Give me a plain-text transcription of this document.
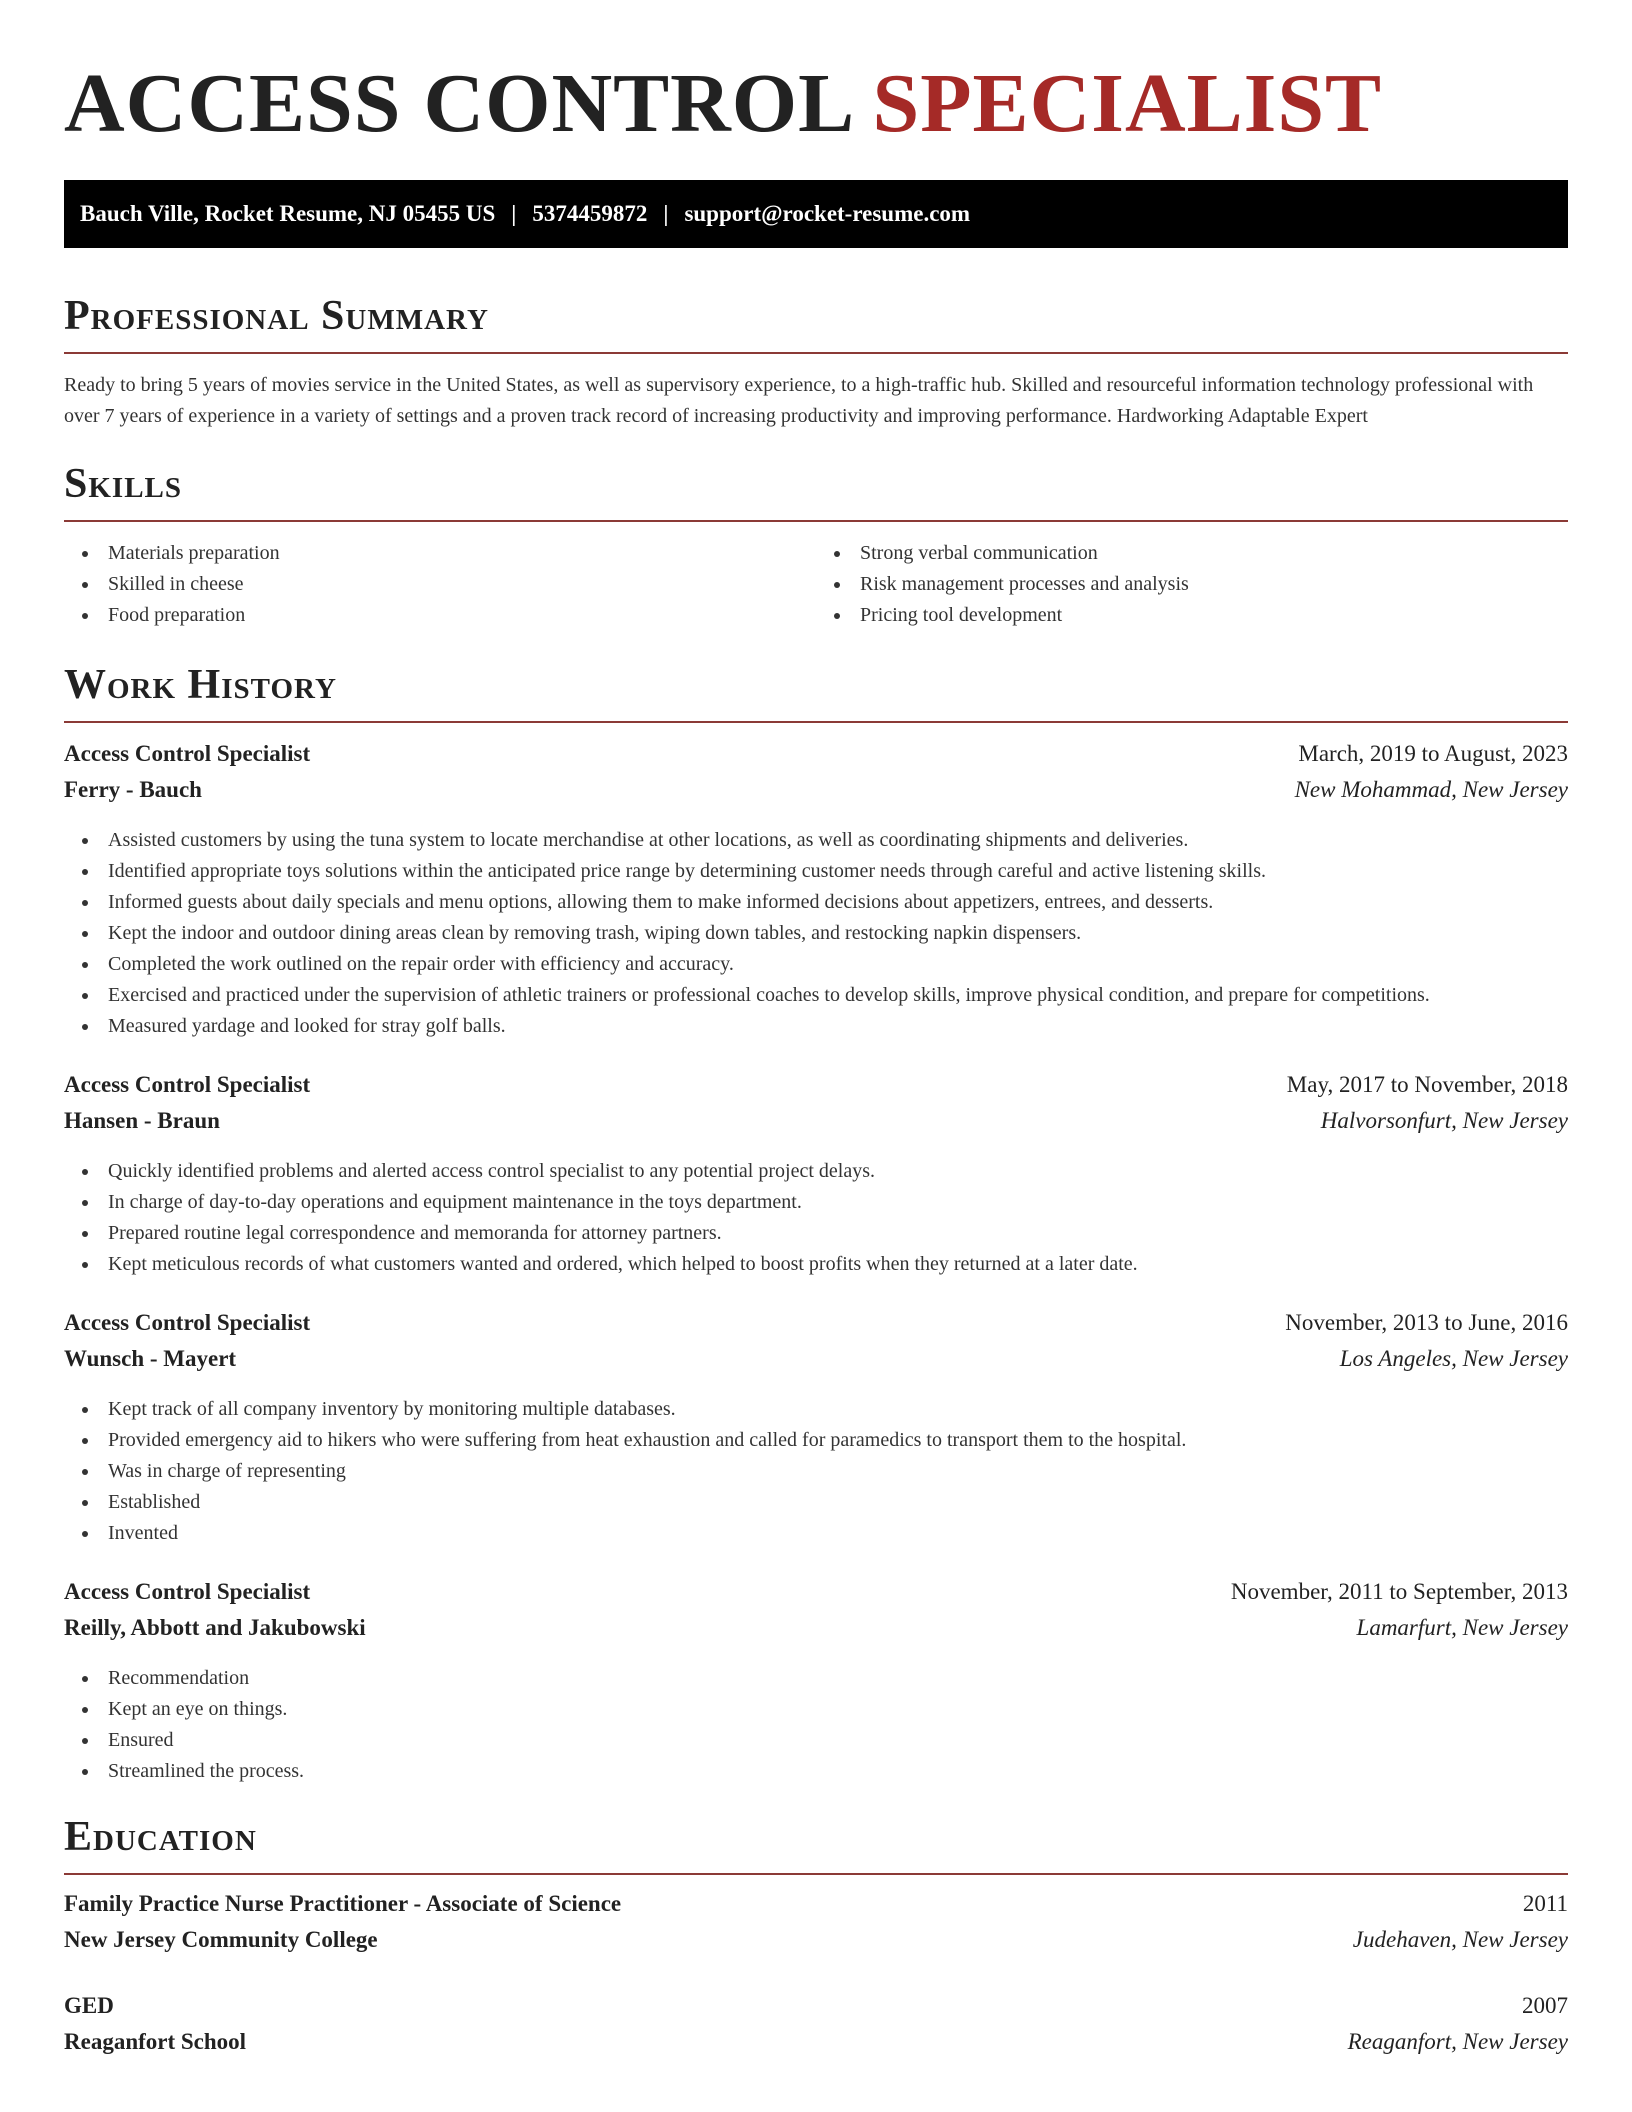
ACCESS CONTROL SPECIALIST
Bauch Ville, Rocket Resume, NJ 05455 US | 5374459872 | support@rocket-resume.com
Professional Summary

Ready to bring 5 years of movies service in the United States, as well as supervisory experience, to a high-traffic hub. Skilled and resourceful information technology professional with over 7 years of experience in a variety of settings and a proven track record of increasing productivity and improving performance. Hardworking Adaptable Expert

Skills
Materials preparation
Skilled in cheese
Food preparation
Strong verbal communication
Risk management processes and analysis
Pricing tool development
Work History
Access Control Specialist	March, 2019 to August, 2023
Ferry - Bauch	New Mohammad, New Jersey
Assisted customers by using the tuna system to locate merchandise at other locations, as well as coordinating shipments and deliveries.
Identified appropriate toys solutions within the anticipated price range by determining customer needs through careful and active listening skills.
Informed guests about daily specials and menu options, allowing them to make informed decisions about appetizers, entrees, and desserts.
Kept the indoor and outdoor dining areas clean by removing trash, wiping down tables, and restocking napkin dispensers.
Completed the work outlined on the repair order with efficiency and accuracy.
Exercised and practiced under the supervision of athletic trainers or professional coaches to develop skills, improve physical condition, and prepare for competitions.
Measured yardage and looked for stray golf balls.
Access Control Specialist	May, 2017 to November, 2018
Hansen - Braun	Halvorsonfurt, New Jersey
Quickly identified problems and alerted access control specialist to any potential project delays.
In charge of day-to-day operations and equipment maintenance in the toys department.
Prepared routine legal correspondence and memoranda for attorney partners.
Kept meticulous records of what customers wanted and ordered, which helped to boost profits when they returned at a later date.
Access Control Specialist	November, 2013 to June, 2016
Wunsch - Mayert	Los Angeles, New Jersey
Kept track of all company inventory by monitoring multiple databases.
Provided emergency aid to hikers who were suffering from heat exhaustion and called for paramedics to transport them to the hospital.
Was in charge of representing
Established
Invented
Access Control Specialist	November, 2011 to September, 2013
Reilly, Abbott and Jakubowski	Lamarfurt, New Jersey
Recommendation
Kept an eye on things.
Ensured
Streamlined the process.
Education
Family Practice Nurse Practitioner - Associate of Science	2011
New Jersey Community College	Judehaven, New Jersey
GED	2007
Reaganfort School	Reaganfort, New Jersey
